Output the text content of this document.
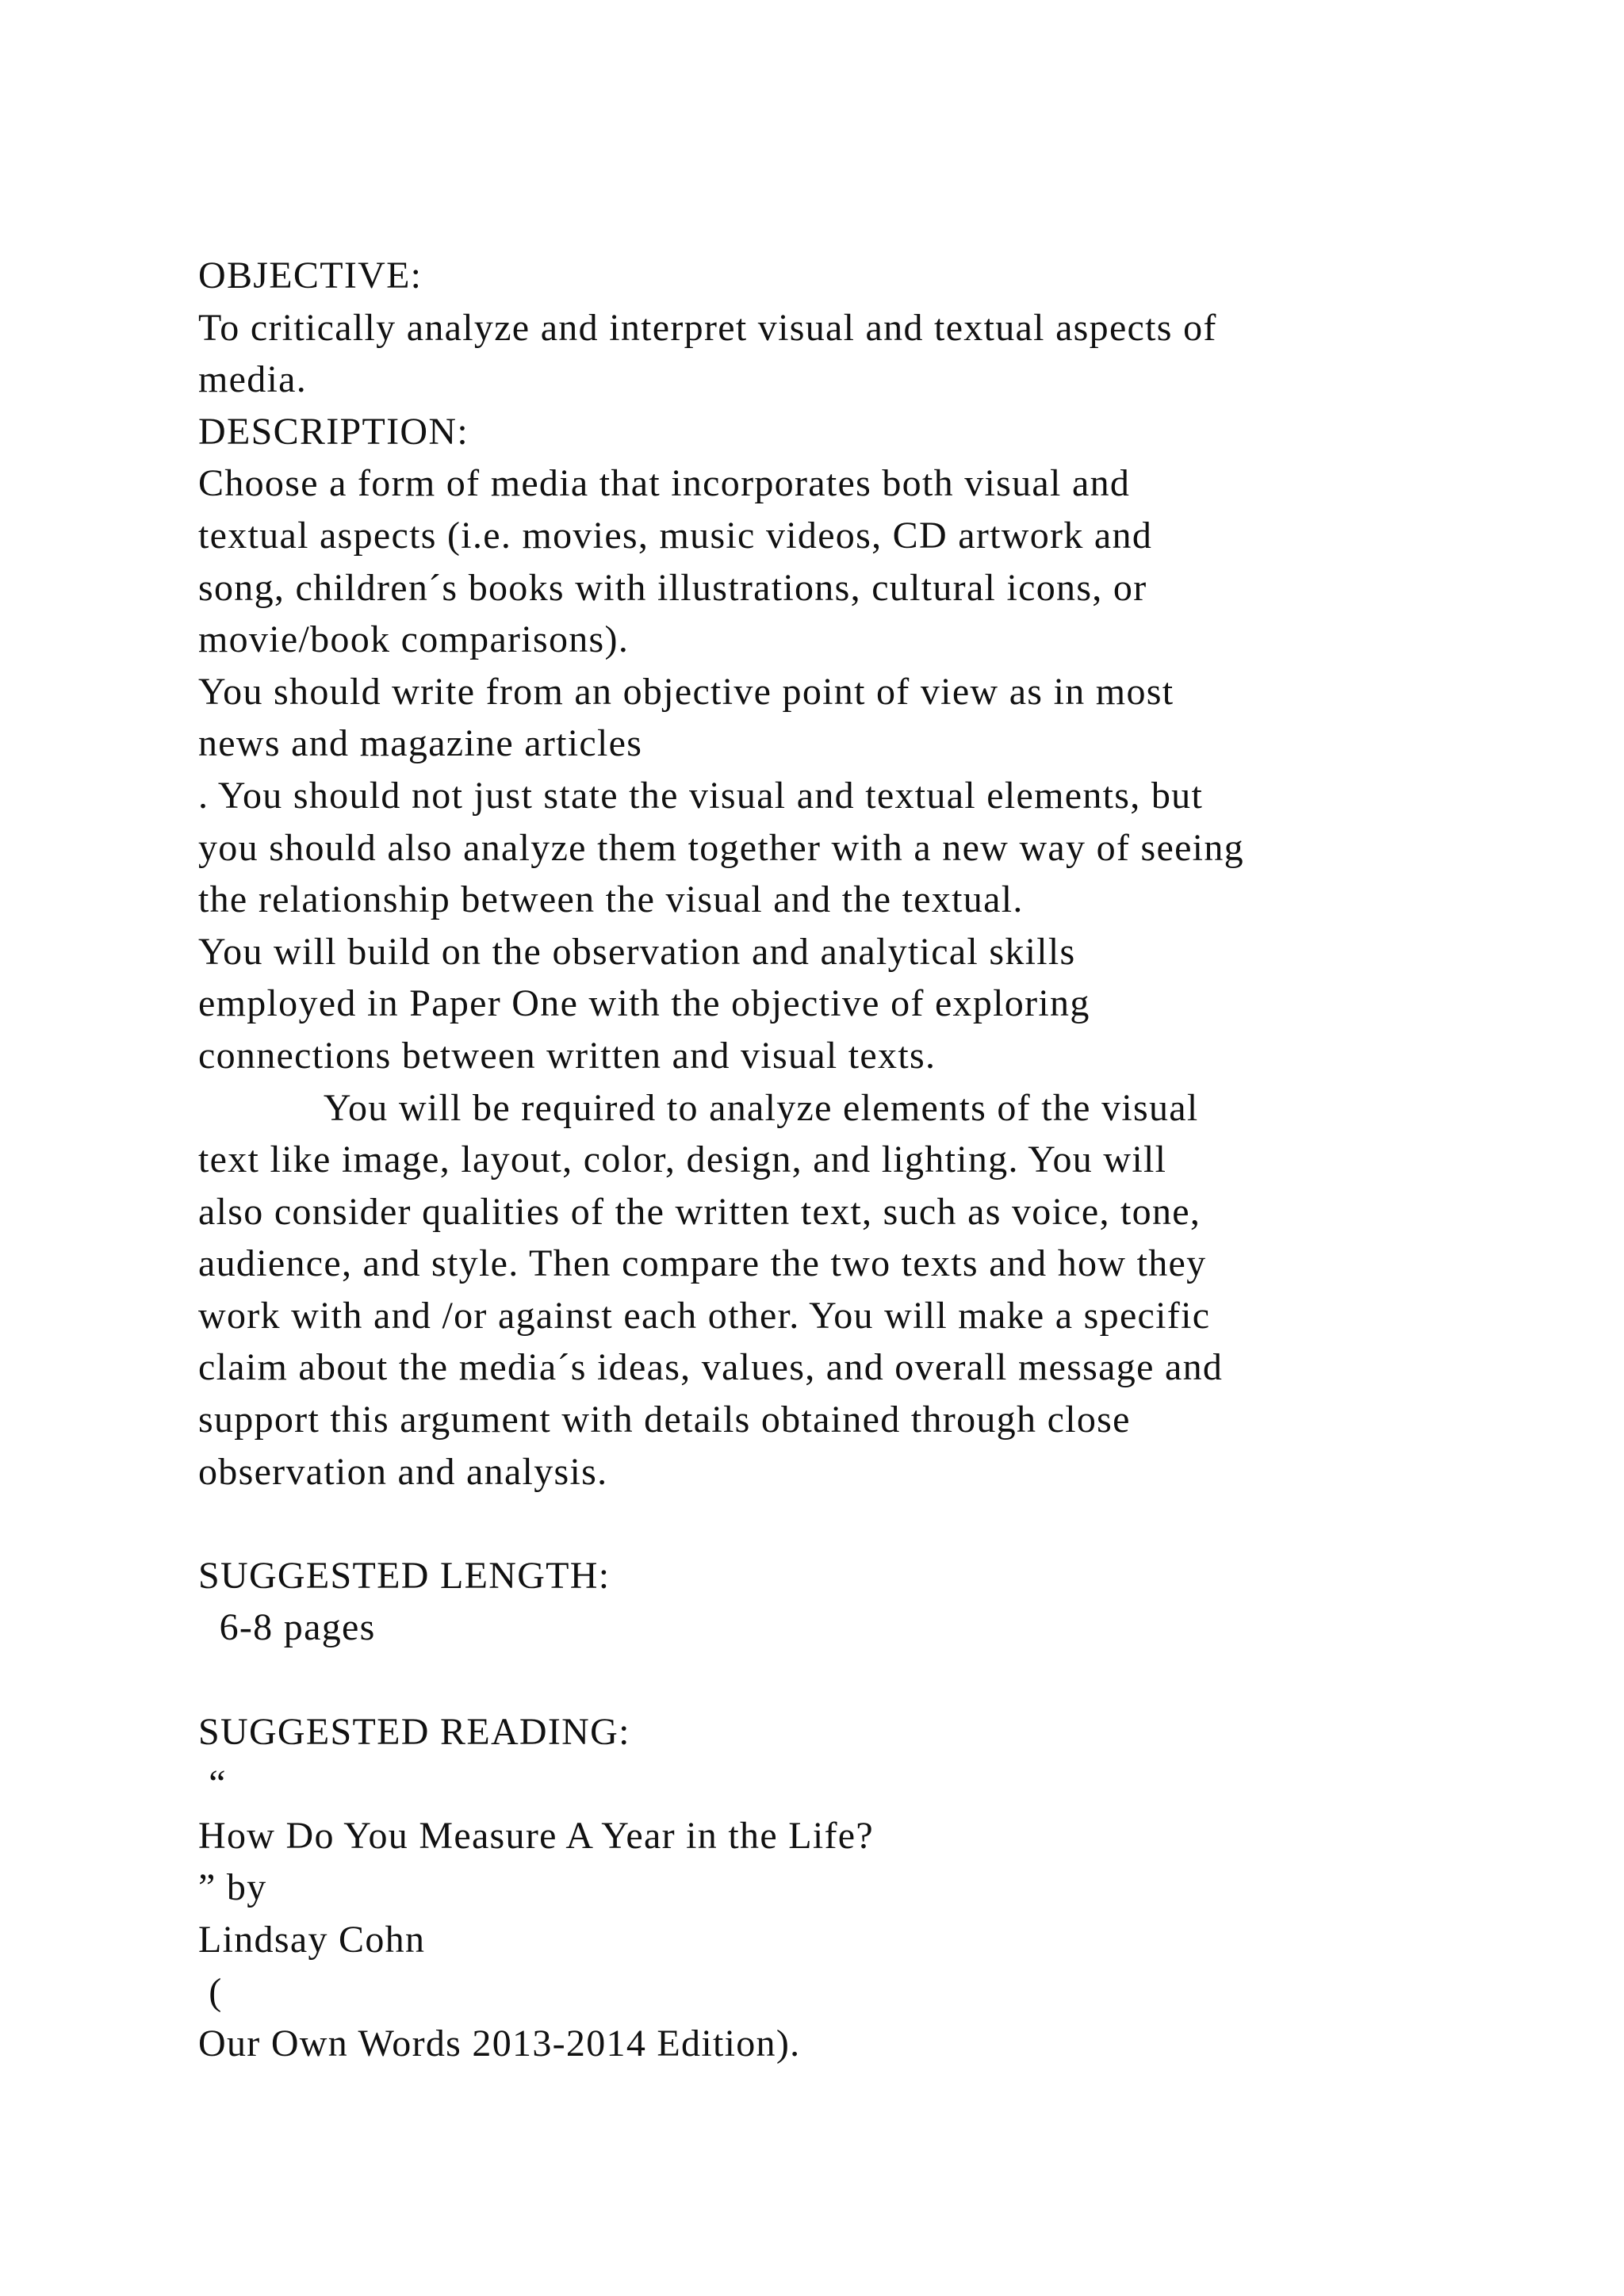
OBJECTIVE:
To critically analyze and interpret visual and textual aspects of
media.
DESCRIPTION:
Choose a form of media that incorporates both visual and
textual aspects (i.e. movies, music videos, CD artwork and
song, children´s books with illustrations, cultural icons, or
movie/book comparisons).
You should write from an objective point of view as in most
news and magazine articles
. You should not just state the visual and textual elements, but
you should also analyze them together with a new way of seeing
the relationship between the visual and the textual.
You will build on the observation and analytical skills
employed in Paper One with the objective of exploring
connections between written and visual texts.
You will be required to analyze elements of the visual
text like image, layout, color, design, and lighting. You will
also consider qualities of the written text, such as voice, tone,
audience, and style. Then compare the two texts and how they
work with and /or against each other. You will make a specific
claim about the media´s ideas, values, and overall message and
support this argument with details obtained through close
observation and analysis.
SUGGESTED LENGTH:
6-8 pages
SUGGESTED READING:
“
How Do You Measure A Year in the Life?
” by
Lindsay Cohn
(
Our Own Words 2013-2014 Edition).
